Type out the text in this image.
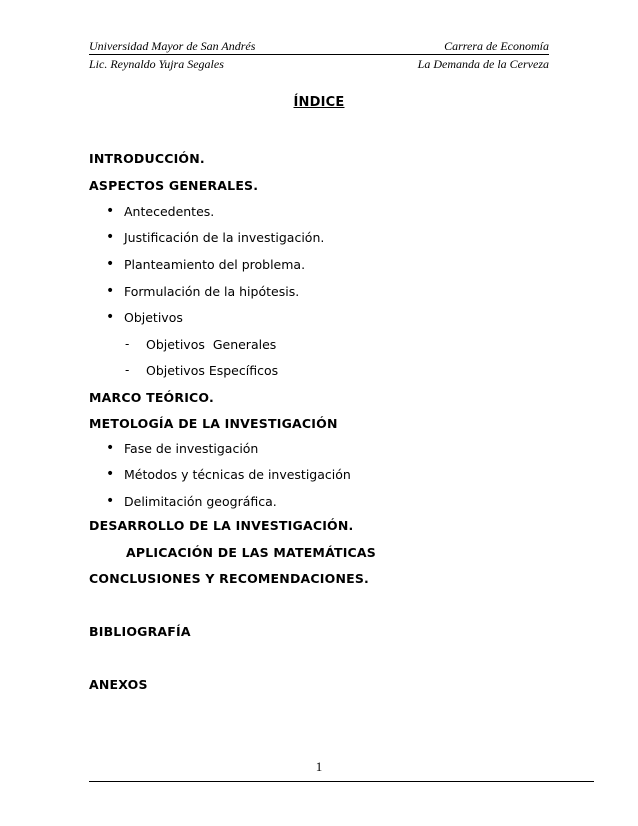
Universidad Mayor de San Andrés	Carrera de Economía
Lic. Reynaldo Yujra Segales	La Demanda de la Cerveza
ÍNDICE
INTRODUCCIÓN.
ASPECTOS GENERALES.
• Antecedentes.
• Justificación de la investigación.
• Planteamiento del problema.
• Formulación de la hipótesis.
• Objetivos
- Objetivos  Generales
- Objetivos Específicos
MARCO TEÓRICO.
METOLOGÍA DE LA INVESTIGACIÓN
• Fase de investigación
• Métodos y técnicas de investigación
• Delimitación geográfica.
DESARROLLO DE LA INVESTIGACIÓN.
APLICACIÓN DE LAS MATEMÁTICAS
CONCLUSIONES Y RECOMENDACIONES.
BIBLIOGRAFÍA
ANEXOS
1
